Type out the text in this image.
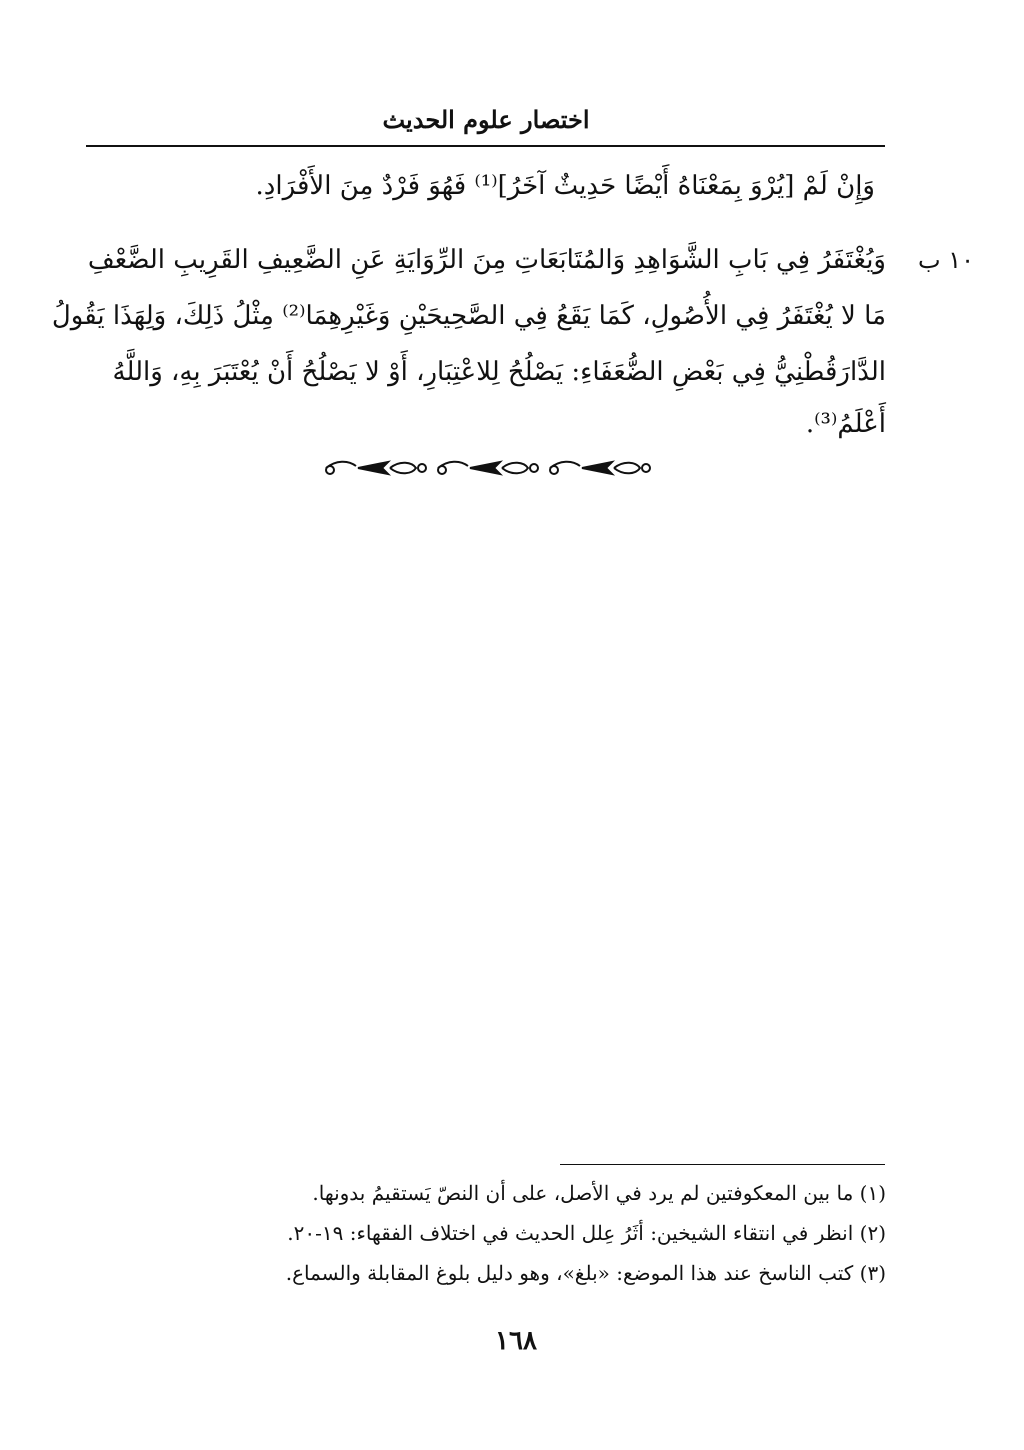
اختصار علوم الحديث
وَإِنْ لَمْ [يُرْوَ بِمَعْنَاهُ أَيْضًا حَدِيثٌ آخَرُ]⁽¹⁾ فَهُوَ فَرْدٌ مِنَ الأَفْرَادِ.
١٠ ب
وَيُغْتَفَرُ فِي بَابِ الشَّوَاهِدِ وَالمُتَابَعَاتِ مِنَ الرِّوَايَةِ عَنِ الضَّعِيفِ القَرِيبِ الضَّعْفِ
مَا لا يُغْتَفَرُ فِي الأُصُولِ، كَمَا يَقَعُ فِي الصَّحِيحَيْنِ وَغَيْرِهِمَا⁽²⁾ مِثْلُ ذَلِكَ، وَلِهَذَا يَقُولُ
الدَّارَقُطْنِيُّ فِي بَعْضِ الضُّعَفَاءِ: يَصْلُحُ لِلاعْتِبَارِ، أَوْ لا يَصْلُحُ أَنْ يُعْتَبَرَ بِهِ، وَاللَّهُ
أَعْلَمُ⁽³⁾.
(١) ما بين المعكوفتين لم يرد في الأصل، على أن النصّ يَستقيمُ بدونها.
(٢) انظر في انتقاء الشيخين: أثَرُ عِلل الحديث في اختلاف الفقهاء: ١٩-٢٠.
(٣) كتب الناسخ عند هذا الموضع: «بلغ»، وهو دليل بلوغ المقابلة والسماع.
١٦٨
